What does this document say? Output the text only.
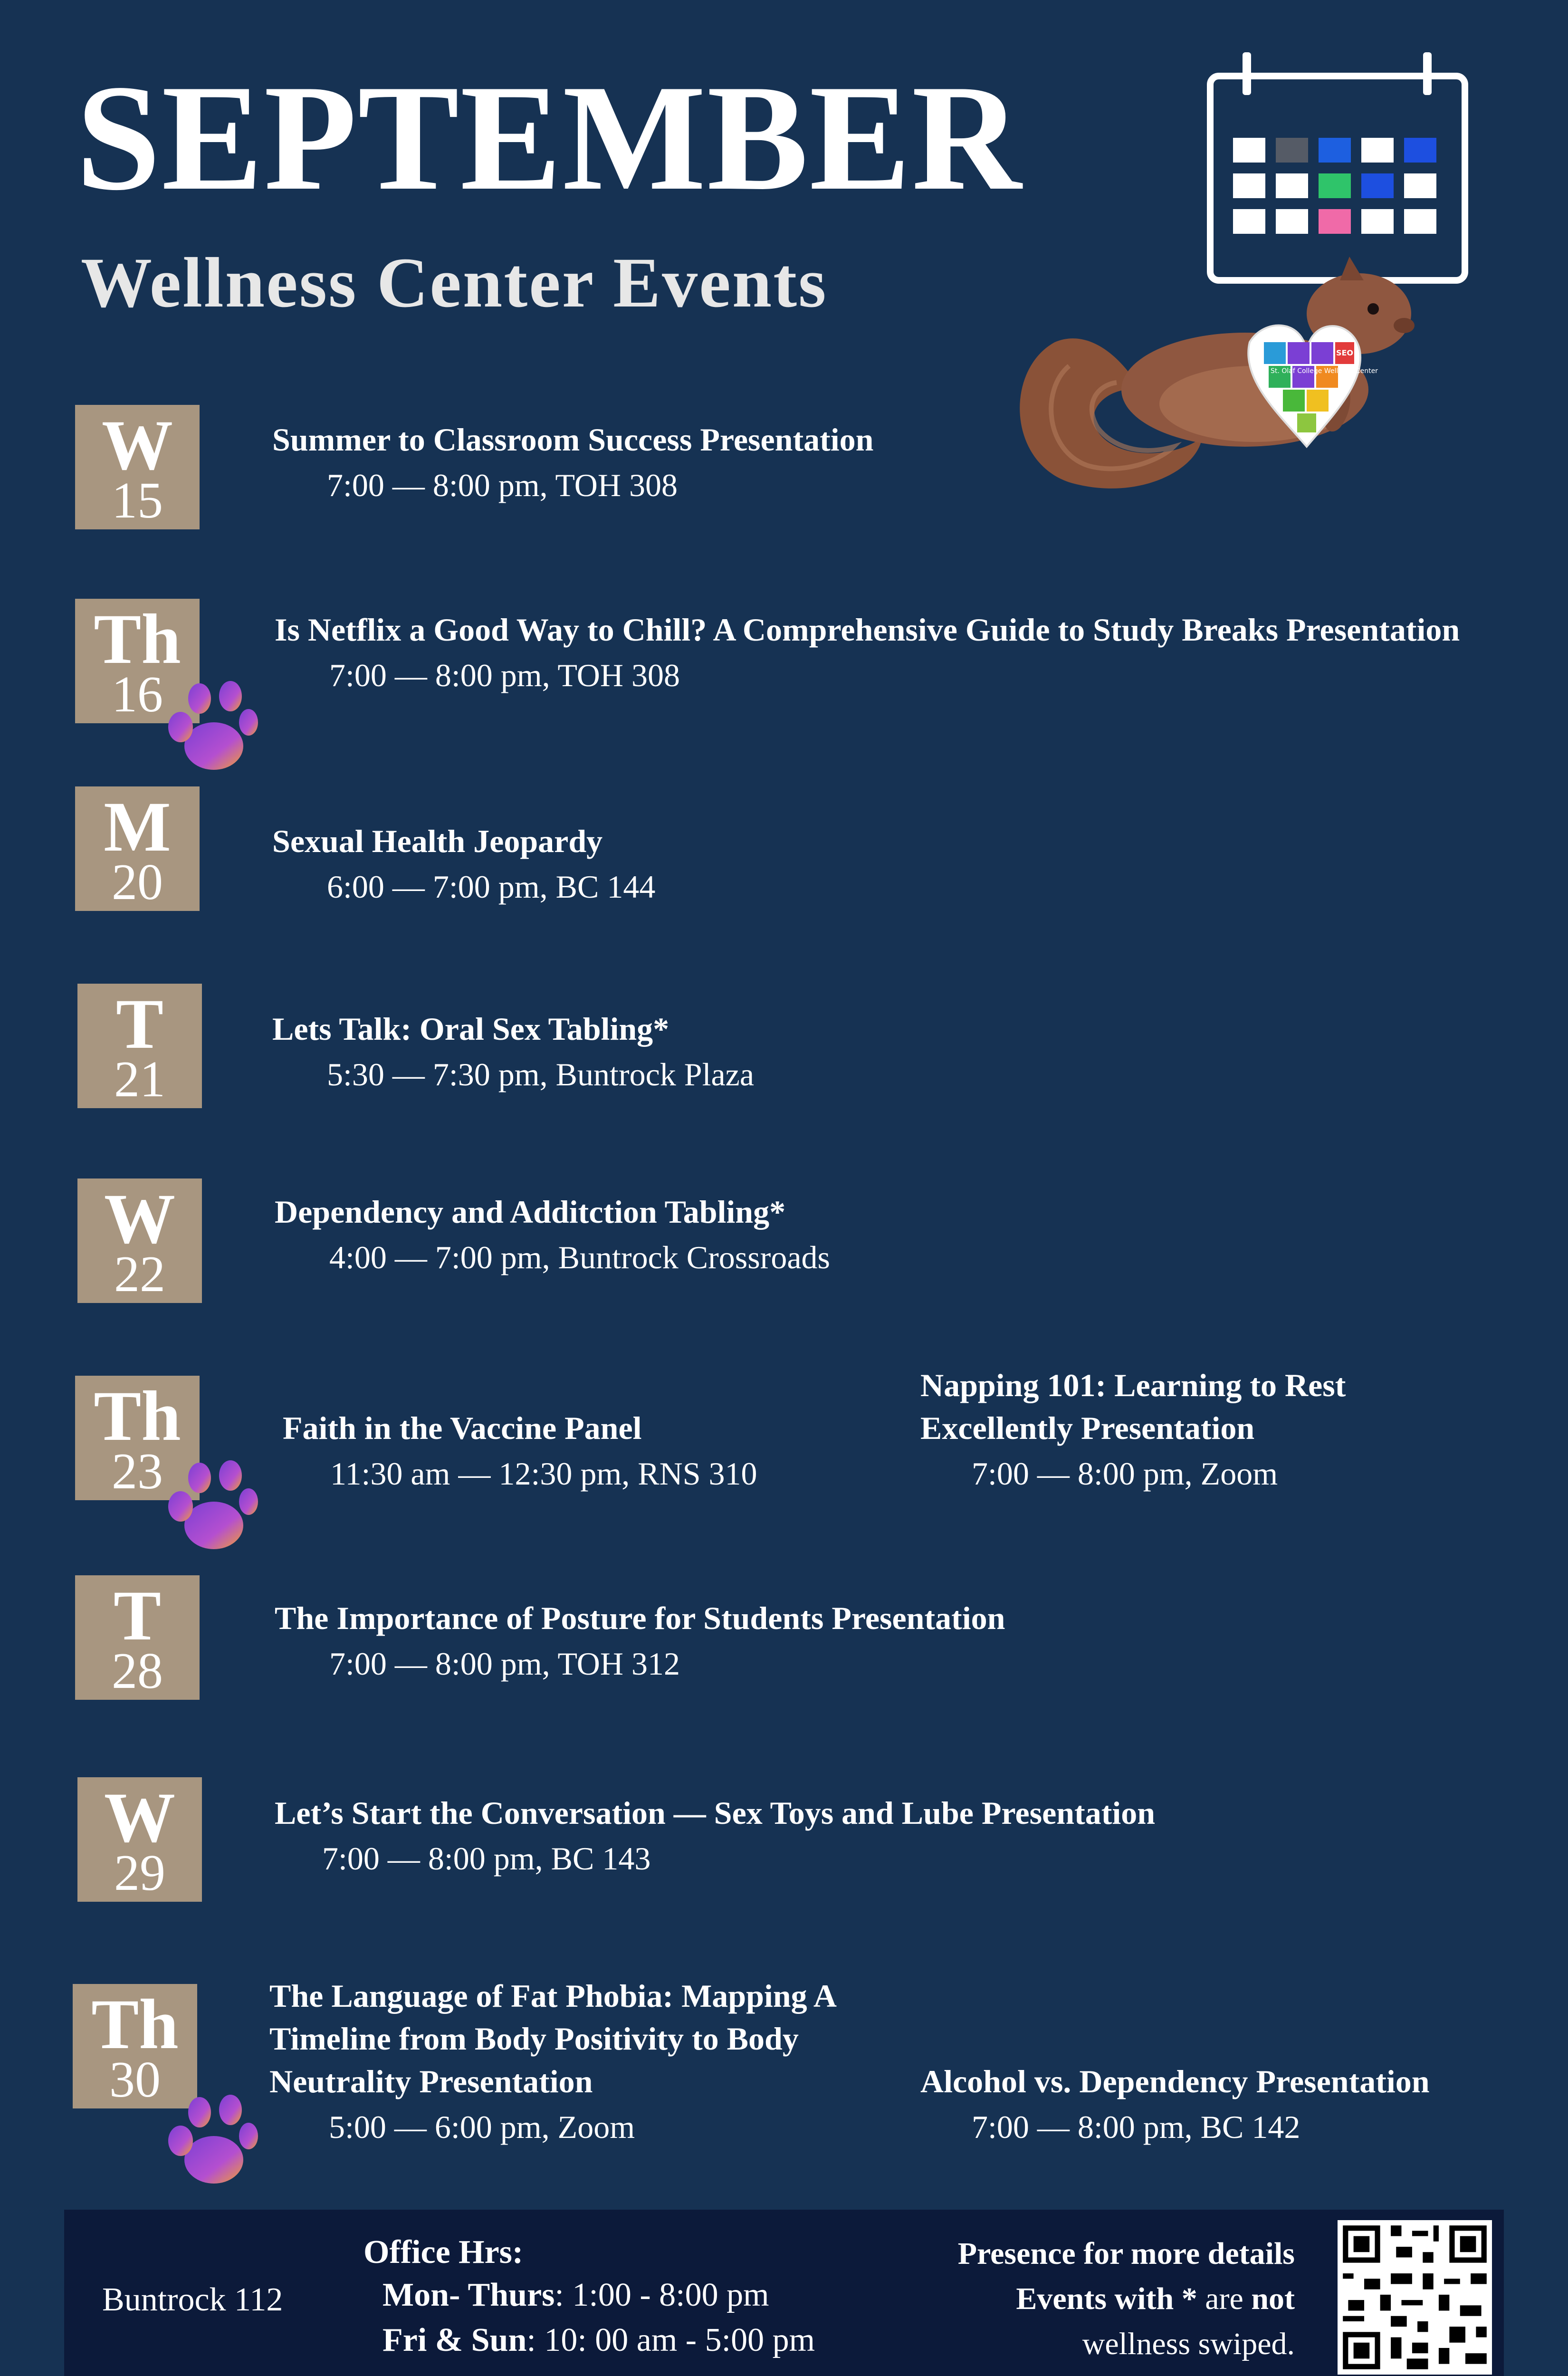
SEPTEMBER
Wellness Center Events
St. Olaf College Wellness Center
SEO
W
15
Summer to Classroom Success Presentation
7:00 — 8:00 pm, TOH 308
Th
16
Is Netflix a Good Way to Chill? A Comprehensive Guide to Study Breaks Presentation
7:00 — 8:00 pm, TOH 308
M
20
Sexual Health Jeopardy
6:00 — 7:00 pm, BC 144
T
21
Lets Talk: Oral Sex Tabling*
5:30 — 7:30 pm, Buntrock Plaza
W
22
Dependency and Additction Tabling*
4:00 — 7:00 pm, Buntrock Crossroads
Th
23
Faith in the Vaccine Panel
11:30 am — 12:30 pm, RNS 310
Napping 101: Learning to Rest Excellently Presentation
7:00 — 8:00 pm, Zoom
T
28
The Importance of Posture for Students Presentation
7:00 — 8:00 pm, TOH 312
W
29
Let’s Start the Conversation — Sex Toys and Lube Presentation
7:00 — 8:00 pm, BC 143
Th
30
The Language of Fat Phobia: Mapping A Timeline from Body Positivity to Body Neutrality Presentation
5:00 — 6:00 pm, Zoom
Alcohol vs. Dependency Presentation
7:00 — 8:00 pm, BC 142
Buntrock 112
Office Hrs:
Mon- Thurs: 1:00 - 8:00 pm
Fri & Sun: 10: 00 am - 5:00 pm
Presence for more details
Events with * are not
wellness swiped.
